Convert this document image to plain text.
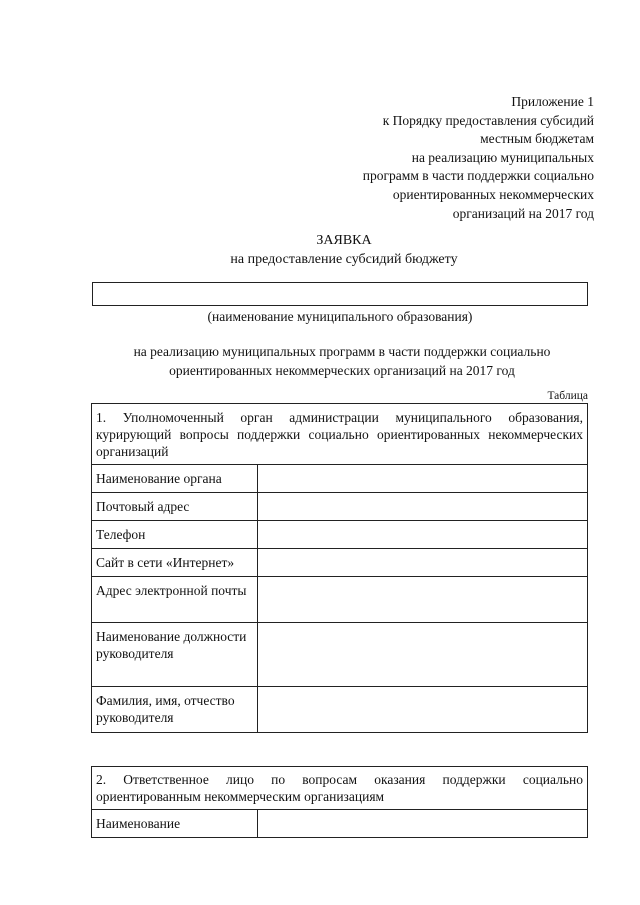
Приложение 1
к Порядку предоставления субсидий
местным бюджетам
на реализацию муниципальных
программ в части поддержки социально
ориентированных некоммерческих
организаций на 2017 год
ЗАЯВКА
на предоставление субсидий бюджету
(наименование муниципального образования)
на реализацию муниципальных программ в части поддержки социально
ориентированных некоммерческих организаций на 2017 год
Таблица
1. Уполномоченный орган администрации муниципального образования, курирующий вопросы поддержки социально ориентированных некоммерческих организаций	
Наименование органа	
Почтовый адрес	
Телефон	
Сайт в сети «Интернет»	
Адрес электронной почты	
Наименование должности руководителя	
Фамилия, имя, отчество руководителя	
2. Ответственное лицо по вопросам оказания поддержки социально ориентированным некоммерческим организациям
Наименование	
